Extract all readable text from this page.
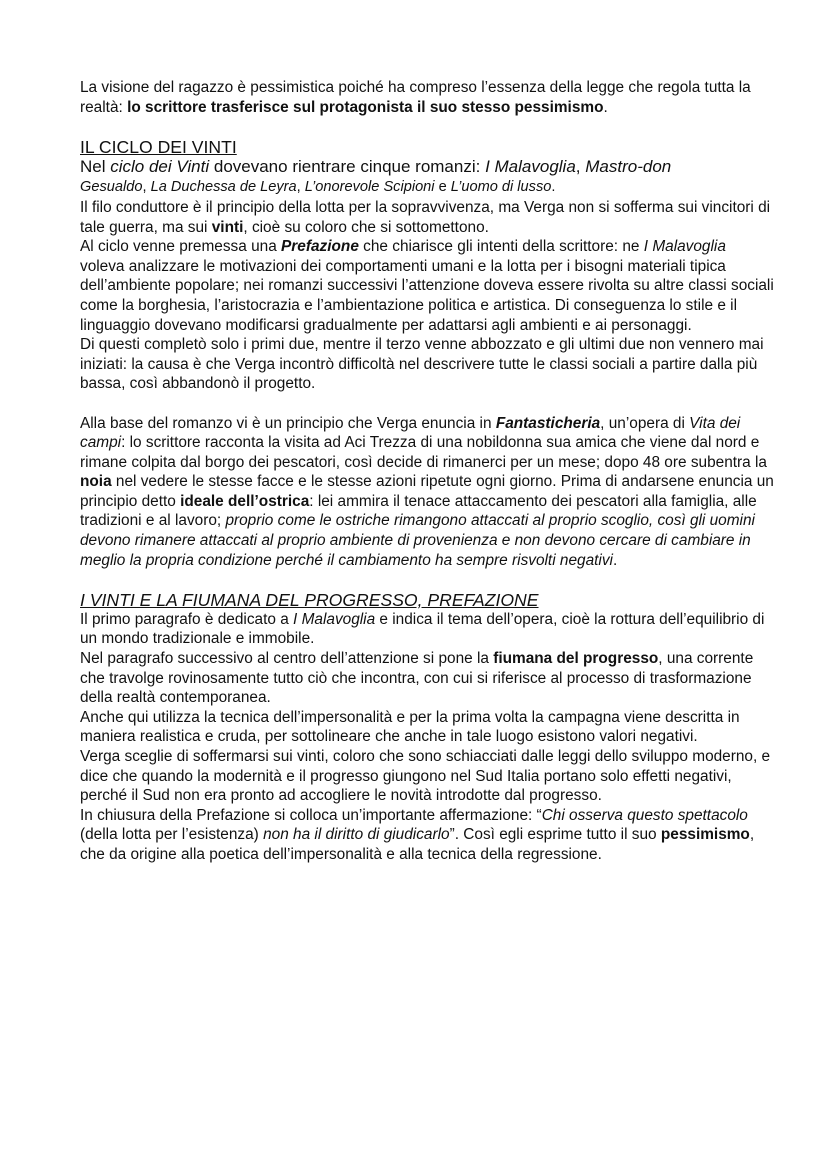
La visione del ragazzo è pessimistica poiché ha compreso l’essenza della legge che regola tutta la realtà: lo scrittore trasferisce sul protagonista il suo stesso pessimismo.

IL CICLO DEI VINTI

Nel ciclo dei Vinti dovevano rientrare cinque romanzi: I Malavoglia, Mastro-don
Gesualdo, La Duchessa de Leyra, L’onorevole Scipioni e L’uomo di lusso.

Il filo conduttore è il principio della lotta per la sopravvivenza, ma Verga non si sofferma sui vincitori di tale guerra, ma sui vinti, cioè su coloro che si sottomettono.

Al ciclo venne premessa una Prefazione che chiarisce gli intenti della scrittore: ne I Malavoglia voleva analizzare le motivazioni dei comportamenti umani e la lotta per i bisogni materiali tipica dell’ambiente popolare; nei romanzi successivi l’attenzione doveva essere rivolta su altre classi sociali come la borghesia, l’aristocrazia e l’ambientazione politica e artistica. Di conseguenza lo stile e il linguaggio dovevano modificarsi gradualmente per adattarsi agli ambienti e ai personaggi.

Di questi completò solo i primi due, mentre il terzo venne abbozzato e gli ultimi due non vennero mai iniziati: la causa è che Verga incontrò difficoltà nel descrivere tutte le classi sociali a partire dalla più bassa, così abbandonò il progetto.

Alla base del romanzo vi è un principio che Verga enuncia in Fantasticheria, un’opera di Vita dei campi: lo scrittore racconta la visita ad Aci Trezza di una nobildonna sua amica che viene dal nord e rimane colpita dal borgo dei pescatori, così decide di rimanerci per un mese; dopo 48 ore subentra la noia nel vedere le stesse facce e le stesse azioni ripetute ogni giorno. Prima di andarsene enuncia un principio detto ideale dell’ostrica: lei ammira il tenace attaccamento dei pescatori alla famiglia, alle tradizioni e al lavoro; proprio come le ostriche rimangono attaccati al proprio scoglio, così gli uomini devono rimanere attaccati al proprio ambiente di provenienza e non devono cercare di cambiare in meglio la propria condizione perché il cambiamento ha sempre risvolti negativi.

I VINTI E LA FIUMANA DEL PROGRESSO, PREFAZIONE

Il primo paragrafo è dedicato a I Malavoglia e indica il tema dell’opera, cioè la rottura dell’equilibrio di un mondo tradizionale e immobile.

Nel paragrafo successivo al centro dell’attenzione si pone la fiumana del progresso, una corrente che travolge rovinosamente tutto ciò che incontra, con cui si riferisce al processo di trasformazione della realtà contemporanea.

Anche qui utilizza la tecnica dell’impersonalità e per la prima volta la campagna viene descritta in maniera realistica e cruda, per sottolineare che anche in tale luogo esistono valori negativi.

Verga sceglie di soffermarsi sui vinti, coloro che sono schiacciati dalle leggi dello sviluppo moderno, e dice che quando la modernità e il progresso giungono nel Sud Italia portano solo effetti negativi, perché il Sud non era pronto ad accogliere le novità introdotte dal progresso.

In chiusura della Prefazione si colloca un’importante affermazione: “Chi osserva questo spettacolo (della lotta per l’esistenza) non ha il diritto di giudicarlo”. Così egli esprime tutto il suo pessimismo, che da origine alla poetica dell’impersonalità e alla tecnica della regressione.
